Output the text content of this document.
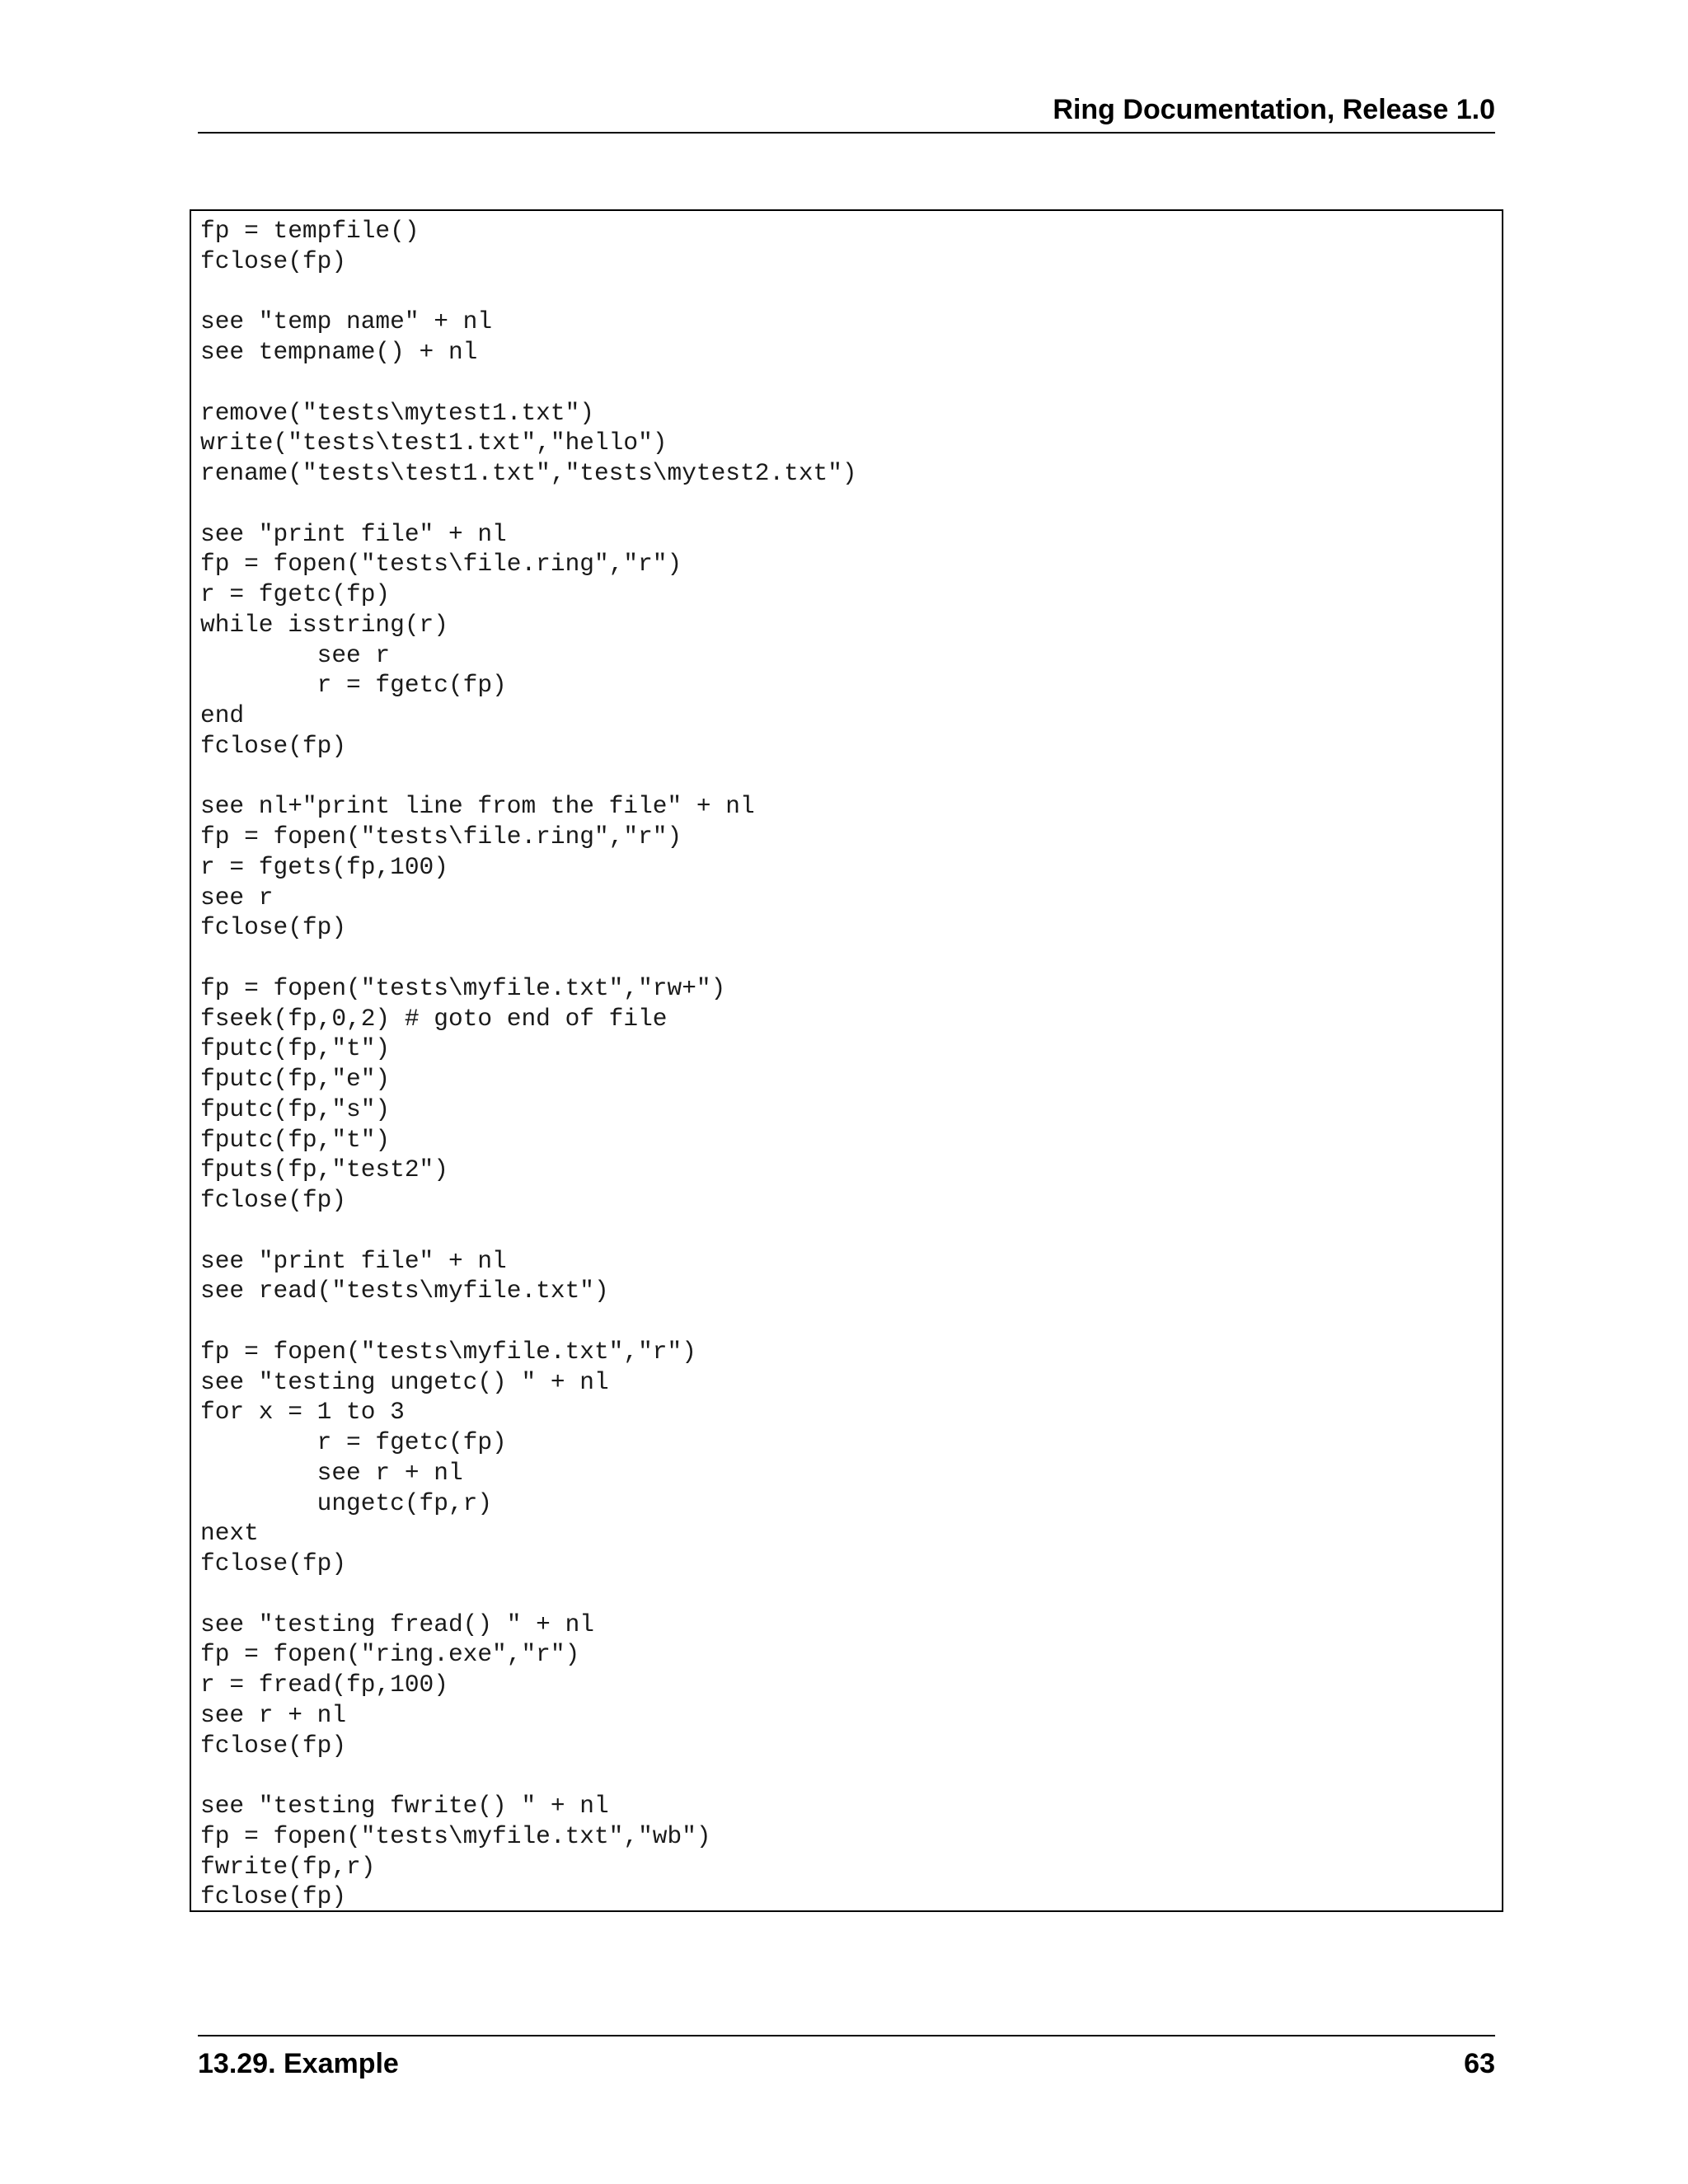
Ring Documentation, Release 1.0
fp = tempfile()
fclose(fp)

see "temp name" + nl
see tempname() + nl

remove("tests\mytest1.txt")
write("tests\test1.txt","hello")
rename("tests\test1.txt","tests\mytest2.txt")

see "print file" + nl
fp = fopen("tests\file.ring","r")
r = fgetc(fp)
while isstring(r)
see r
r = fgetc(fp)
end
fclose(fp)

see nl+"print line from the file" + nl
fp = fopen("tests\file.ring","r")
r = fgets(fp,100)
see r
fclose(fp)

fp = fopen("tests\myfile.txt","rw+")
fseek(fp,0,2) # goto end of file
fputc(fp,"t")
fputc(fp,"e")
fputc(fp,"s")
fputc(fp,"t")
fputs(fp,"test2")
fclose(fp)

see "print file" + nl
see read("tests\myfile.txt")

fp = fopen("tests\myfile.txt","r")
see "testing ungetc() " + nl
for x = 1 to 3
r = fgetc(fp)
see r + nl
ungetc(fp,r)
next
fclose(fp)

see "testing fread() " + nl
fp = fopen("ring.exe","r")
r = fread(fp,100)
see r + nl
fclose(fp)

see "testing fwrite() " + nl
fp = fopen("tests\myfile.txt","wb")
fwrite(fp,r)
fclose(fp)
13.29. Example	63
